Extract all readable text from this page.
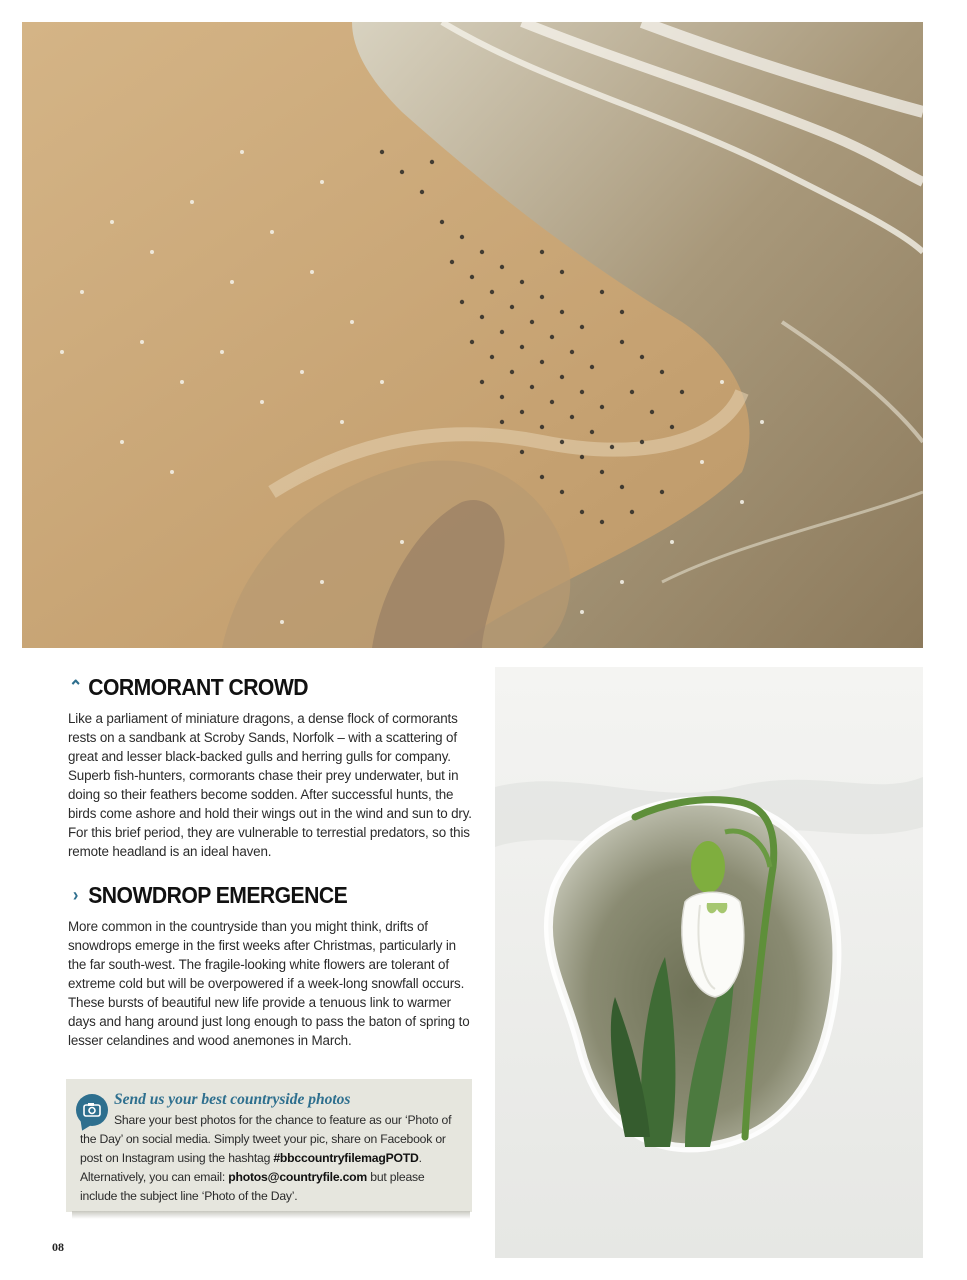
⌃ CORMORANT CROWD

Like a parliament of miniature dragons, a dense flock of cormorants rests on a sandbank at Scroby Sands, Norfolk – with a scattering of great and lesser black-backed gulls and herring gulls for company. Superb fish-hunters, cormorants chase their prey underwater, but in doing so their feathers become sodden. After successful hunts, the birds come ashore and hold their wings out in the wind and sun to dry. For this brief period, they are vulnerable to terrestial predators, so this remote headland is an ideal haven.

› SNOWDROP EMERGENCE

More common in the countryside than you might think, drifts of snowdrops emerge in the first weeks after Christmas, particularly in the far south-west. The fragile-looking white flowers are tolerant of extreme cold but will be overpowered if a week-long snowfall occurs. These bursts of beautiful new life provide a tenuous link to warmer days and hang around just long enough to pass the baton of spring to lesser celandines and wood anemones in March.

Send us your best countryside photos
Share your best photos for the chance to feature as our ‘Photo of the Day’ on social media. Simply tweet your pic, share on Facebook or post on Instagram using the hashtag #bbccountryfilemagPOTD. Alternatively, you can email: photos@countryfile.com but please include the subject line ‘Photo of the Day’.
08
